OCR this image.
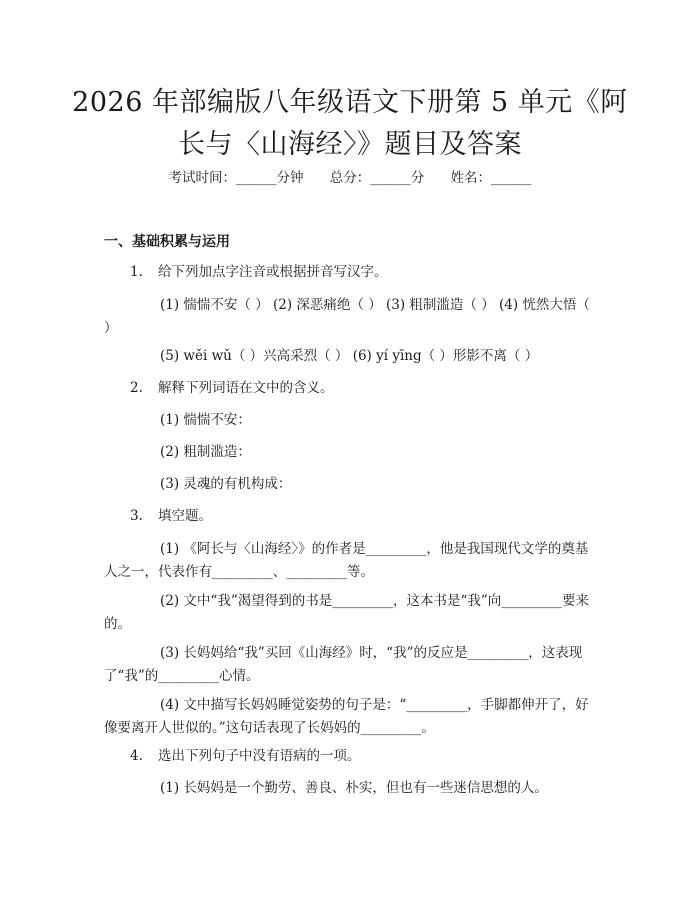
2026 年部编版八年级语文下册第 5 单元《阿
长与〈山海经〉》题目及答案
考试时间：______分钟 总分：______分 姓名：______
一、基础积累与运用
1. 给下列加点字注音或根据拼音写汉字。
(1) 惴惴不安（ ） (2) 深恶痛绝（ ） (3) 粗制滥造（ ） (4) 恍然大悟（ ）
(5) wěi wǔ（ ）兴高采烈（ ） (6) yí yīng（ ）形影不离（ ）
2. 解释下列词语在文中的含义。
(1) 惴惴不安：
(2) 粗制滥造：
(3) 灵魂的有机构成：
3. 填空题。
(1) 《阿长与〈山海经〉》的作者是_________，他是我国现代文学的奠基人之一，代表作有_________、_________等。
(2) 文中“我”渴望得到的书是_________，这本书是“我”向_________要来的。
(3) 长妈妈给“我”买回《山海经》时，“我”的反应是_________，这表现了“我”的_________心情。
(4) 文中描写长妈妈睡觉姿势的句子是：“_________，手脚都伸开了，好像要离开人世似的。”这句话表现了长妈妈的_________。
4. 选出下列句子中没有语病的一项。
(1) 长妈妈是一个勤劳、善良、朴实，但也有一些迷信思想的人。
